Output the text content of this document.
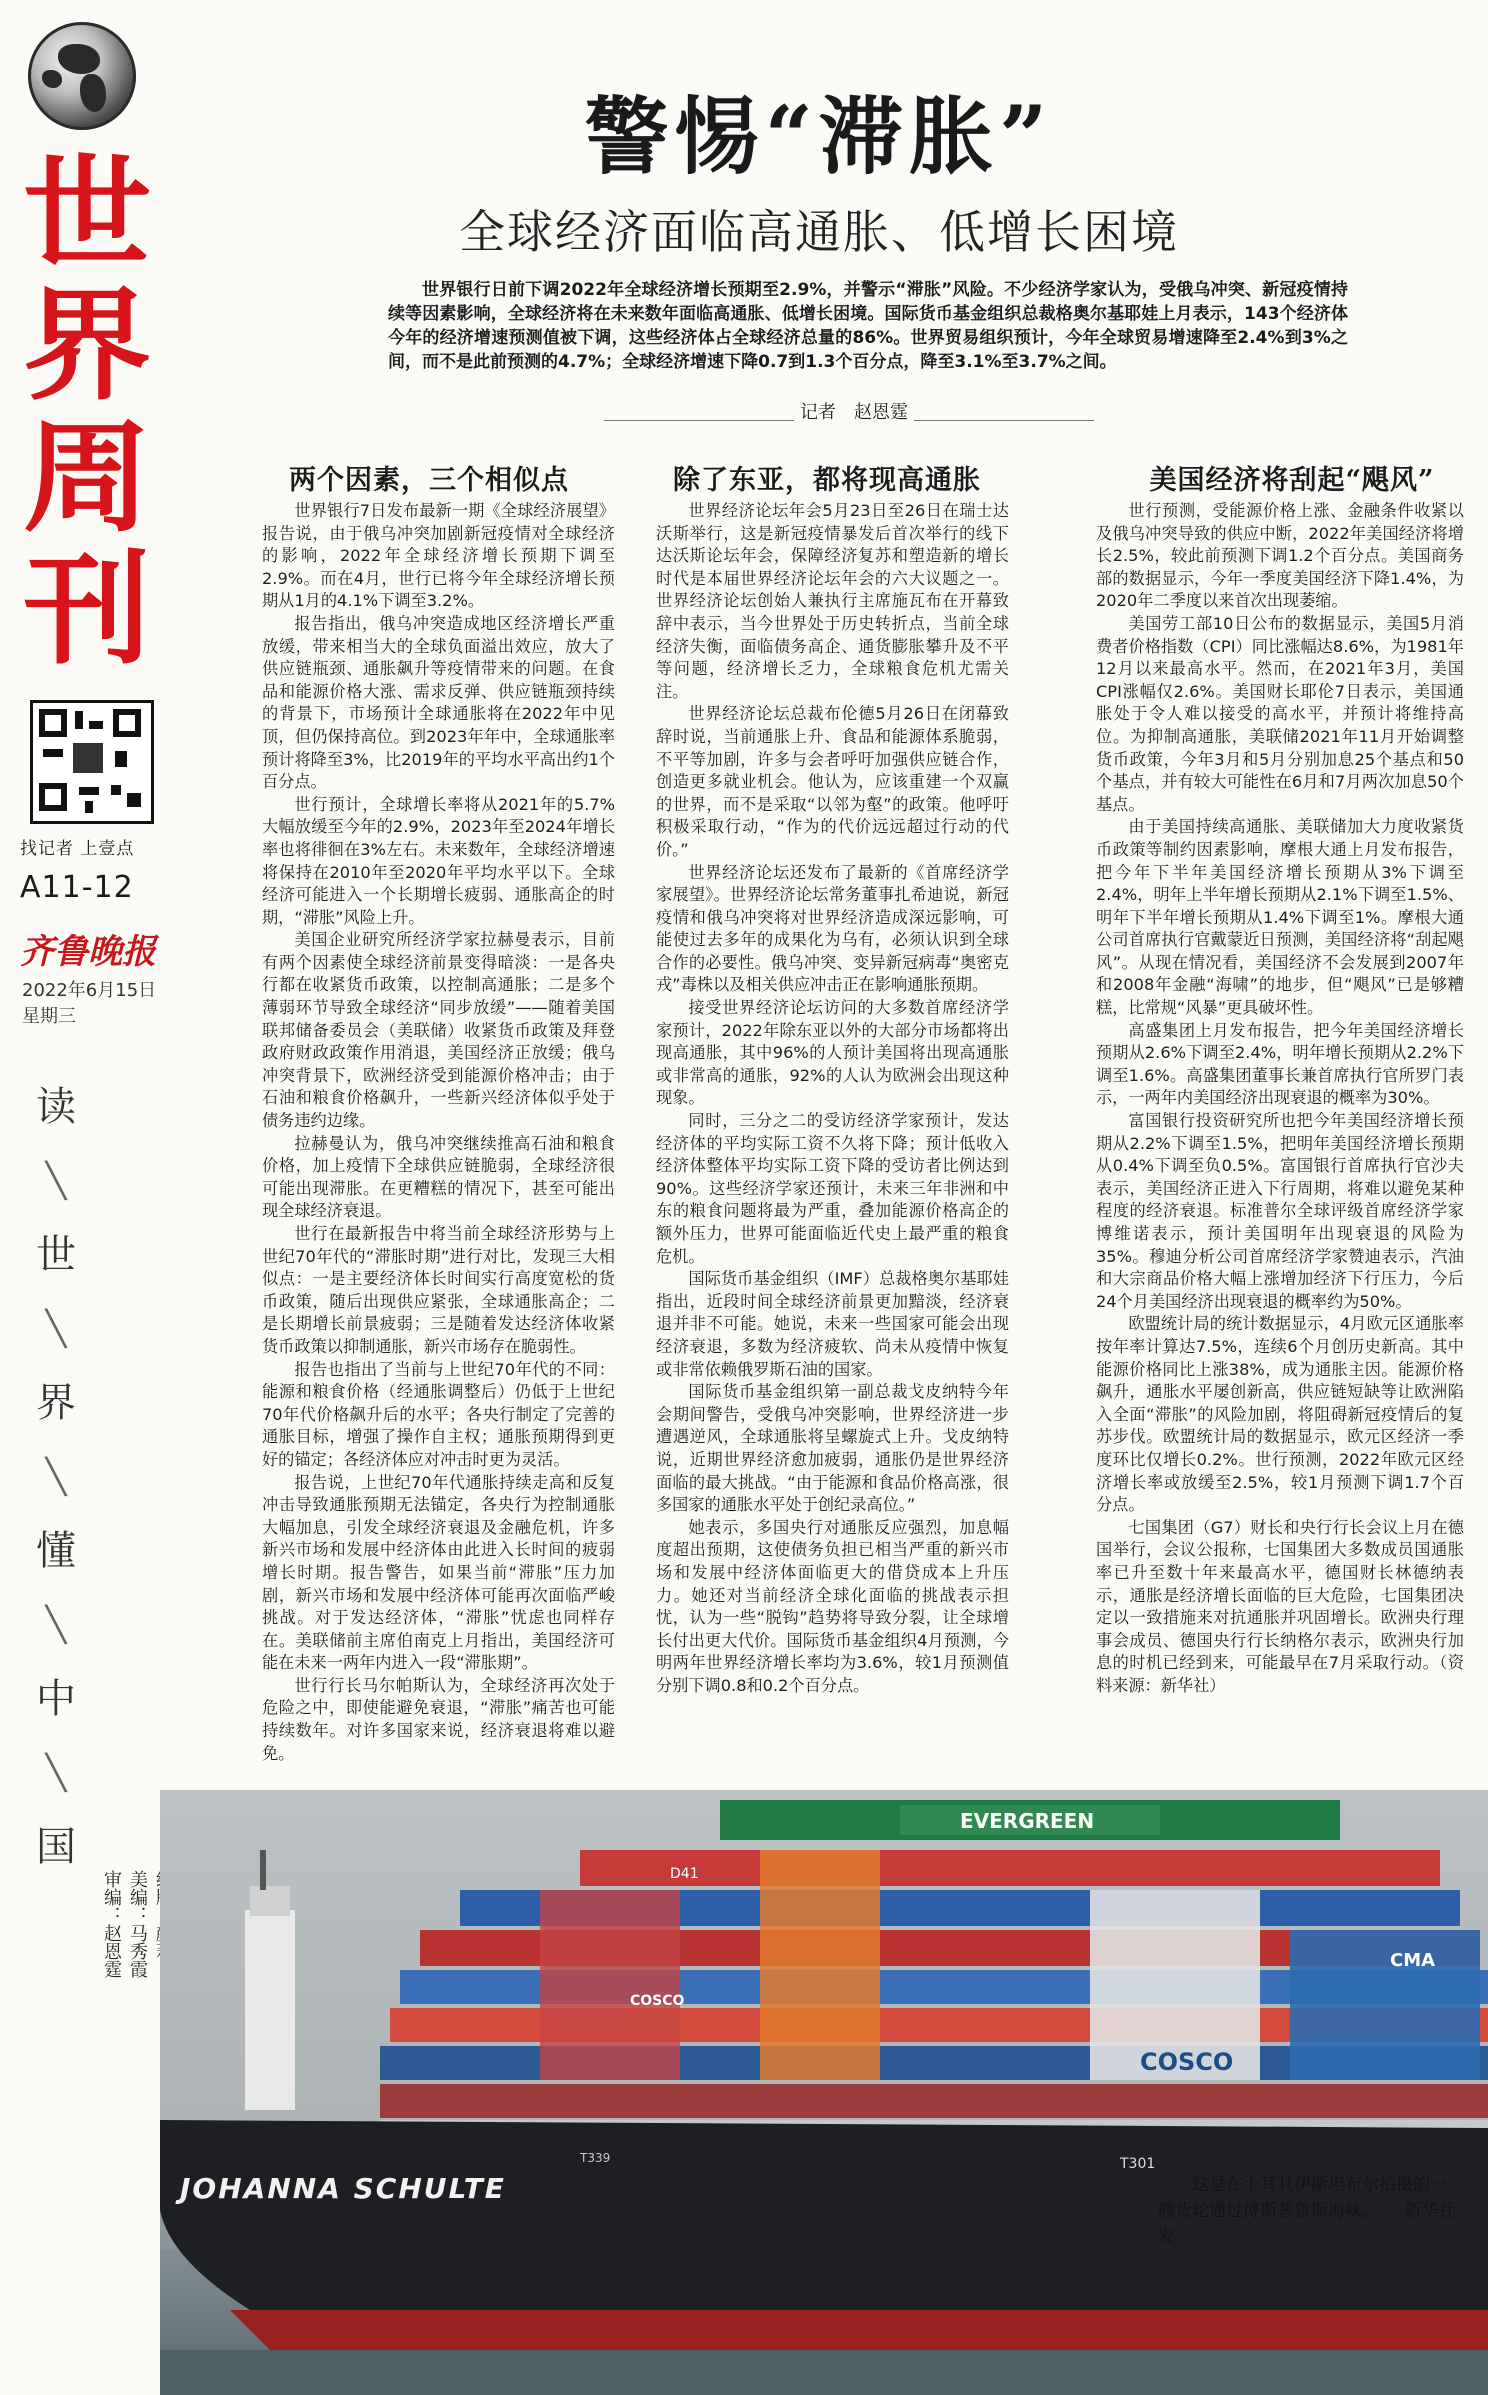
世
界
周
刊
找记者 上壹点
A11-12
齐鲁晚报
2022年6月15日
星期三
读
╲
世
╲
界
╲
懂
╲
中
╲
国
美编：马秀霞
审编：赵恩霆
警惕“滞胀”
全球经济面临高通胀、低增长困境
世界银行日前下调2022年全球经济增长预期至2.9%，并警示“滞胀”风险。不少经济学家认为，受俄乌冲突、新冠疫情持续等因素影响，全球经济将在未来数年面临高通胀、低增长困境。国际货币基金组织总裁格奥尔基耶娃上月表示，143个经济体今年的经济增速预测值被下调，这些经济体占全球经济总量的86%。世界贸易组织预计，今年全球贸易增速降至2.4%到3%之间，而不是此前预测的4.7%；全球经济增速下降0.7到1.3个百分点，降至3.1%至3.7%之间。
记者　赵恩霆
两个因素，三个相似点	除了东亚，都将现高通胀	美国经济将刮起“飓风”

世界银行7日发布最新一期《全球经济展望》报告说，由于俄乌冲突加剧新冠疫情对全球经济的影响，2022年全球经济增长预期下调至2.9%。而在4月，世行已将今年全球经济增长预期从1月的4.1%下调至3.2%。

报告指出，俄乌冲突造成地区经济增长严重放缓，带来相当大的全球负面溢出效应，放大了供应链瓶颈、通胀飙升等疫情带来的问题。在食品和能源价格大涨、需求反弹、供应链瓶颈持续的背景下，市场预计全球通胀将在2022年中见顶，但仍保持高位。到2023年年中，全球通胀率预计将降至3%，比2019年的平均水平高出约1个百分点。

世行预计，全球增长率将从2021年的5.7%大幅放缓至今年的2.9%，2023年至2024年增长率也将徘徊在3%左右。未来数年，全球经济增速将保持在2010年至2020年平均水平以下。全球经济可能进入一个长期增长疲弱、通胀高企的时期，“滞胀”风险上升。

美国企业研究所经济学家拉赫曼表示，目前有两个因素使全球经济前景变得暗淡：一是各央行都在收紧货币政策，以控制高通胀；二是多个薄弱环节导致全球经济“同步放缓”——随着美国联邦储备委员会（美联储）收紧货币政策及拜登政府财政政策作用消退，美国经济正放缓；俄乌冲突背景下，欧洲经济受到能源价格冲击；由于石油和粮食价格飙升，一些新兴经济体似乎处于债务违约边缘。

拉赫曼认为，俄乌冲突继续推高石油和粮食价格，加上疫情下全球供应链脆弱，全球经济很可能出现滞胀。在更糟糕的情况下，甚至可能出现全球经济衰退。

世行在最新报告中将当前全球经济形势与上世纪70年代的“滞胀时期”进行对比，发现三大相似点：一是主要经济体长时间实行高度宽松的货币政策，随后出现供应紧张，全球通胀高企；二是长期增长前景疲弱；三是随着发达经济体收紧货币政策以抑制通胀，新兴市场存在脆弱性。

报告也指出了当前与上世纪70年代的不同：能源和粮食价格（经通胀调整后）仍低于上世纪70年代价格飙升后的水平；各央行制定了完善的通胀目标，增强了操作自主权；通胀预期得到更好的锚定；各经济体应对冲击时更为灵活。

报告说，上世纪70年代通胀持续走高和反复冲击导致通胀预期无法锚定，各央行为控制通胀大幅加息，引发全球经济衰退及金融危机，许多新兴市场和发展中经济体由此进入长时间的疲弱增长时期。报告警告，如果当前“滞胀”压力加剧，新兴市场和发展中经济体可能再次面临严峻挑战。对于发达经济体，“滞胀”忧虑也同样存在。美联储前主席伯南克上月指出，美国经济可能在未来一两年内进入一段“滞胀期”。

世行行长马尔帕斯认为，全球经济再次处于危险之中，即使能避免衰退，“滞胀”痛苦也可能持续数年。对许多国家来说，经济衰退将难以避免。

世界经济论坛年会5月23日至26日在瑞士达沃斯举行，这是新冠疫情暴发后首次举行的线下达沃斯论坛年会，保障经济复苏和塑造新的增长时代是本届世界经济论坛年会的六大议题之一。世界经济论坛创始人兼执行主席施瓦布在开幕致辞中表示，当今世界处于历史转折点，当前全球经济失衡，面临债务高企、通货膨胀攀升及不平等问题，经济增长乏力，全球粮食危机尤需关注。

世界经济论坛总裁布伦德5月26日在闭幕致辞时说，当前通胀上升、食品和能源体系脆弱，不平等加剧，许多与会者呼吁加强供应链合作，创造更多就业机会。他认为，应该重建一个双赢的世界，而不是采取“以邻为壑”的政策。他呼吁积极采取行动，“作为的代价远远超过行动的代价。”

世界经济论坛还发布了最新的《首席经济学家展望》。世界经济论坛常务董事扎希迪说，新冠疫情和俄乌冲突将对世界经济造成深远影响，可能使过去多年的成果化为乌有，必须认识到全球合作的必要性。俄乌冲突、变异新冠病毒“奥密克戎”毒株以及相关供应冲击正在影响通胀预期。

接受世界经济论坛访问的大多数首席经济学家预计，2022年除东亚以外的大部分市场都将出现高通胀，其中96%的人预计美国将出现高通胀或非常高的通胀，92%的人认为欧洲会出现这种现象。

同时，三分之二的受访经济学家预计，发达经济体的平均实际工资不久将下降；预计低收入经济体整体平均实际工资下降的受访者比例达到90%。这些经济学家还预计，未来三年非洲和中东的粮食问题将最为严重，叠加能源价格高企的额外压力，世界可能面临近代史上最严重的粮食危机。

国际货币基金组织（IMF）总裁格奥尔基耶娃指出，近段时间全球经济前景更加黯淡，经济衰退并非不可能。她说，未来一些国家可能会出现经济衰退，多数为经济疲软、尚未从疫情中恢复或非常依赖俄罗斯石油的国家。

国际货币基金组织第一副总裁戈皮纳特今年会期间警告，受俄乌冲突影响，世界经济进一步遭遇逆风，全球通胀将呈螺旋式上升。戈皮纳特说，近期世界经济愈加疲弱，通胀仍是世界经济面临的最大挑战。“由于能源和食品价格高涨，很多国家的通胀水平处于创纪录高位。”

她表示，多国央行对通胀反应强烈，加息幅度超出预期，这使债务负担已相当严重的新兴市场和发展中经济体面临更大的借贷成本上升压力。她还对当前经济全球化面临的挑战表示担忧，认为一些“脱钩”趋势将导致分裂，让全球增长付出更大代价。国际货币基金组织4月预测，今明两年世界经济增长率均为3.6%，较1月预测值分别下调0.8和0.2个百分点。

世行预测，受能源价格上涨、金融条件收紧以及俄乌冲突导致的供应中断，2022年美国经济将增长2.5%，较此前预测下调1.2个百分点。美国商务部的数据显示，今年一季度美国经济下降1.4%，为2020年二季度以来首次出现萎缩。

美国劳工部10日公布的数据显示，美国5月消费者价格指数（CPI）同比涨幅达8.6%，为1981年12月以来最高水平。然而，在2021年3月，美国CPI涨幅仅2.6%。美国财长耶伦7日表示，美国通胀处于令人难以接受的高水平，并预计将维持高位。为抑制高通胀，美联储2021年11月开始调整货币政策，今年3月和5月分别加息25个基点和50个基点，并有较大可能性在6月和7月两次加息50个基点。

由于美国持续高通胀、美联储加大力度收紧货币政策等制约因素影响，摩根大通上月发布报告，把今年下半年美国经济增长预期从3%下调至2.4%，明年上半年增长预期从2.1%下调至1.5%、明年下半年增长预期从1.4%下调至1%。摩根大通公司首席执行官戴蒙近日预测，美国经济将“刮起飓风”。从现在情况看，美国经济不会发展到2007年和2008年金融“海啸”的地步，但“飓风”已是够糟糕，比常规“风暴”更具破坏性。

高盛集团上月发布报告，把今年美国经济增长预期从2.6%下调至2.4%，明年增长预期从2.2%下调至1.6%。高盛集团董事长兼首席执行官所罗门表示，一两年内美国经济出现衰退的概率为30%。

富国银行投资研究所也把今年美国经济增长预期从2.2%下调至1.5%，把明年美国经济增长预期从0.4%下调至负0.5%。富国银行首席执行官沙夫表示，美国经济正进入下行周期，将难以避免某种程度的经济衰退。标准普尔全球评级首席经济学家博维诺表示，预计美国明年出现衰退的风险为35%。穆迪分析公司首席经济学家赞迪表示，汽油和大宗商品价格大幅上涨增加经济下行压力，今后24个月美国经济出现衰退的概率约为50%。

欧盟统计局的统计数据显示，4月欧元区通胀率按年率计算达7.5%，连续6个月创历史新高。其中能源价格同比上涨38%，成为通胀主因。能源价格飙升，通胀水平屡创新高，供应链短缺等让欧洲陷入全面“滞胀”的风险加剧，将阻碍新冠疫情后的复苏步伐。欧盟统计局的数据显示，欧元区经济一季度环比仅增长0.2%。世行预测，2022年欧元区经济增长率或放缓至2.5%，较1月预测下调1.7个百分点。

七国集团（G7）财长和央行行长会议上月在德国举行，会议公报称，七国集团大多数成员国通胀率已升至数十年来最高水平，德国财长林德纳表示，通胀是经济增长面临的巨大危险，七国集团决定以一致措施来对抗通胀并巩固增长。欧洲央行理事会成员、德国央行行长纳格尔表示，欧洲央行加息的时机已经到来，可能最早在7月采取行动。（资料来源：新华社）

EVERGREEN
COSCO
CMA
COSCO
D41
JOHANNA SCHULTE
T301
T339
这是在土耳其伊斯坦布尔拍摄的一艘货轮通过博斯普鲁斯海峡。　　新华社发
